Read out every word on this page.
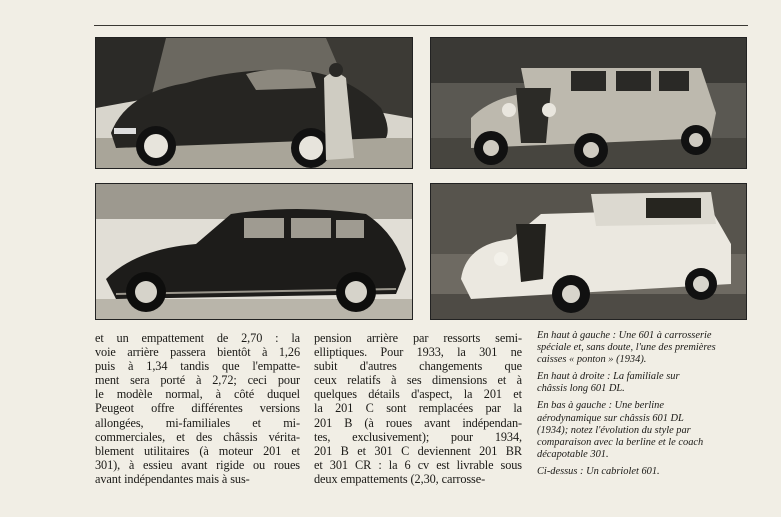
et un empattement de 2,70 : la
voie arrière passera bientôt à 1,26
puis à 1,34 tandis que l'empatte-
ment sera porté à 2,72; ceci pour
le modèle normal, à côté duquel
Peugeot offre différentes versions
allongées, mi-familiales et mi-
commerciales, et des châssis vérita-
blement utilitaires (à moteur 201 et
301), à essieu avant rigide ou roues
avant indépendantes mais à sus-
pension arrière par ressorts semi-
elliptiques. Pour 1933, la 301 ne
subit d'autres changements que
ceux relatifs à ses dimensions et à
quelques détails d'aspect, la 201 et
la 201 C sont remplacées par la
201 B (à roues avant indépendan-
tes, exclusivement); pour 1934,
201 B et 301 C deviennent 201 BR
et 301 CR : la 6 cv est livrable sous
deux empattements (2,30, carrosse-
En haut à gauche : Une 601 à carrosserie
spéciale et, sans doute, l'une des premières
caisses « ponton » (1934).
En haut à droite : La familiale sur
châssis long 601 DL.
En bas à gauche : Une berline
aérodynamique sur châssis 601 DL
(1934); notez l'évolution du style par
comparaison avec la berline et le coach
décapotable 301.
Ci-dessus : Un cabriolet 601.
